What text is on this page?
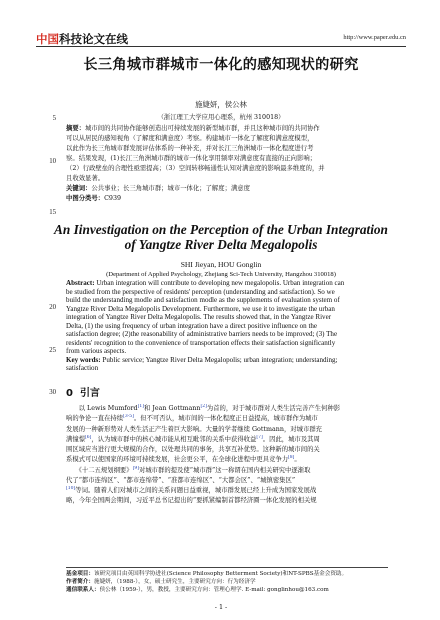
中国科技论文在线	http://www.paper.edu.cn
长三角城市群城市一体化的感知现状的研究
施婕妍，侯公林
（浙江理工大学应用心理系，杭州 310018）
5
10
15
20
25
30
摘要：城市间的共同协作能够创造出可持续发展的新型城市群，并且这种城市间的共同协作
可以从居民的感知视角（了解度和满意度）考察。构建城市一体化了解度和满意度模型，
以此作为长三角城市群发展评估体系的一种补充，并对长江三角洲城市一体化程度进行考
察。结果发现，(1)长江三角洲城市群的城市一体化享用频率对满意度有直接的正向影响；
（2）行政壁垒的合理性亟需提高；（3）空间转移畅通性认知对满意度的影响最多维度的，并
且收效显著。
关键词：公共事业；长三角城市群；城市一体化；了解度；满意度
中图分类号：C939
An Iinvestigation on the Perception of the Urban Integration
of Yangtze River Delta Megalopolis
SHI Jieyan, HOU Gonglin
(Department of Applied Psychology, Zhejiang Sci-Tech University, Hangzhou 310018)
Abstract: Urban integration will contribute to developing new megalopolis. Urban integration can
be studied from the perspective of residents' perception (understanding and satisfaction). So we
build the understanding modle and satisfaction modle as the supplements of evaluation system of
Yangtze River Delta Megalopolis Development. Furthermore, we use it to investigate the urban
integration of Yangtze River Delta Megalopolis. The results showed that, in the Yangtze River
Delta, (1) the using frequency of urban integration have a direct positive influence on the
satisfaction degree; (2)the reasonability of administrative barriers needs to be improved; (3) The
residents' recognition to the convenience of transportation effects their satisfaction significantly
from various aspects.
Key words: Public service; Yangtze River Delta Megalopolis; urban integration; understanding;
satisfaction
0 引言
　　以 Lewis Mumford[1]和 Jean Gottmann[2]为首的，对于城市群对人类生活完善产生何种影
响的争论一直在持续[3-5]。但不可否认，城市间的一体化程度正日益提高，城市群作为城市
发展的一种新形势对人类生活正产生着巨大影响。大量的学者继续 Gottmann，对城市群充
满憧憬[6]，认为城市群中的核心城市能从相互毗邻的关系中获得收益[7]。因此，城市及其周
围区域应当进行更大规模的合作，以处理共同的事务，共享互补优势。这种新的城市间的关
系模式可以使国家的环境可持续发展，社会更公平，在全球化进程中更具竞争力[8]。
　　《十二五规划纲要》[9]对城市群的提及使“城市群”这一称谓在国内相关研究中逐渐取
代了“都市连绵区”、“都市连绵带”、“准都市连绵区”、“大都会区”、“城镇密集区”
[10]等词。随着人们对城市之间的关系问题日益重视，城市群发展已经上升成为国家发展战
略，今年全国两会期间，习近平总书记提出的“要抓紧编制首都经济圈一体化发展的相关规
基金项目：该研究项目由英国科学协进社(Science Philosophy Betterment Society)和NT-SPBS基金会资助。
作者简介：施婕妍，（1988-），女，硕士研究生，主要研究方向：行为经济学
通信联系人：侯公林（1959-），男，教授，主要研究方向：管理心理学. E-mail: gonglinhou@163.com
- 1 -
